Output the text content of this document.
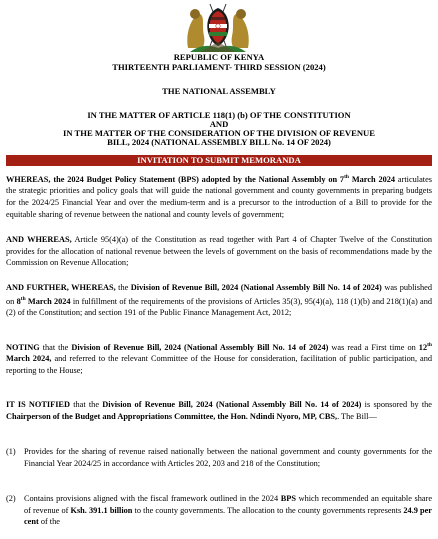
REPUBLIC OF KENYA
THIRTEENTH PARLIAMENT- THIRD SESSION (2024)
THE NATIONAL ASSEMBLY
IN THE MATTER OF ARTICLE 118(1) (b) OF THE CONSTITUTION
AND
IN THE MATTER OF THE CONSIDERATION OF THE DIVISION OF REVENUE
BILL, 2024 (NATIONAL ASSEMBLY BILL No. 14 OF 2024)
INVITATION TO SUBMIT MEMORANDA
WHEREAS, the 2024 Budget Policy Statement (BPS) adopted by the National Assembly on 7th March 2024 articulates the strategic priorities and policy goals that will guide the national government and county governments in preparing budgets for the 2024/25 Financial Year and over the medium-term and is a precursor to the introduction of a Bill to provide for the equitable sharing of revenue between the national and county levels of government;
AND WHEREAS, Article 95(4)(a) of the Constitution as read together with Part 4 of Chapter Twelve of the Constitution provides for the allocation of national revenue between the levels of government on the basis of recommendations made by the Commission on Revenue Allocation;
AND FURTHER, WHEREAS, the Division of Revenue Bill, 2024 (National Assembly Bill No. 14 of 2024) was published on 8th March 2024 in fulfillment of the requirements of the provisions of Articles 35(3), 95(4)(a), 118 (1)(b) and 218(1)(a) and (2) of the Constitution; and section 191 of the Public Finance Management Act, 2012;
NOTING that the Division of Revenue Bill, 2024 (National Assembly Bill No. 14 of 2024) was read a First time on 12th March 2024, and referred to the relevant Committee of the House for consideration, facilitation of public participation, and reporting to the House;
IT IS NOTIFIED that the Division of Revenue Bill, 2024 (National Assembly Bill No. 14 of 2024) is sponsored by the Chairperson of the Budget and Appropriations Committee, the Hon. Ndindi Nyoro, MP, CBS,. The Bill—
(1) Provides for the sharing of revenue raised nationally between the national government and county governments for the Financial Year 2024/25 in accordance with Articles 202, 203 and 218 of the Constitution;
(2) Contains provisions aligned with the fiscal framework outlined in the 2024 BPS which recommended an equitable share of revenue of Ksh. 391.1 billion to the county governments. The allocation to the county governments represents 24.9 per cent of the
